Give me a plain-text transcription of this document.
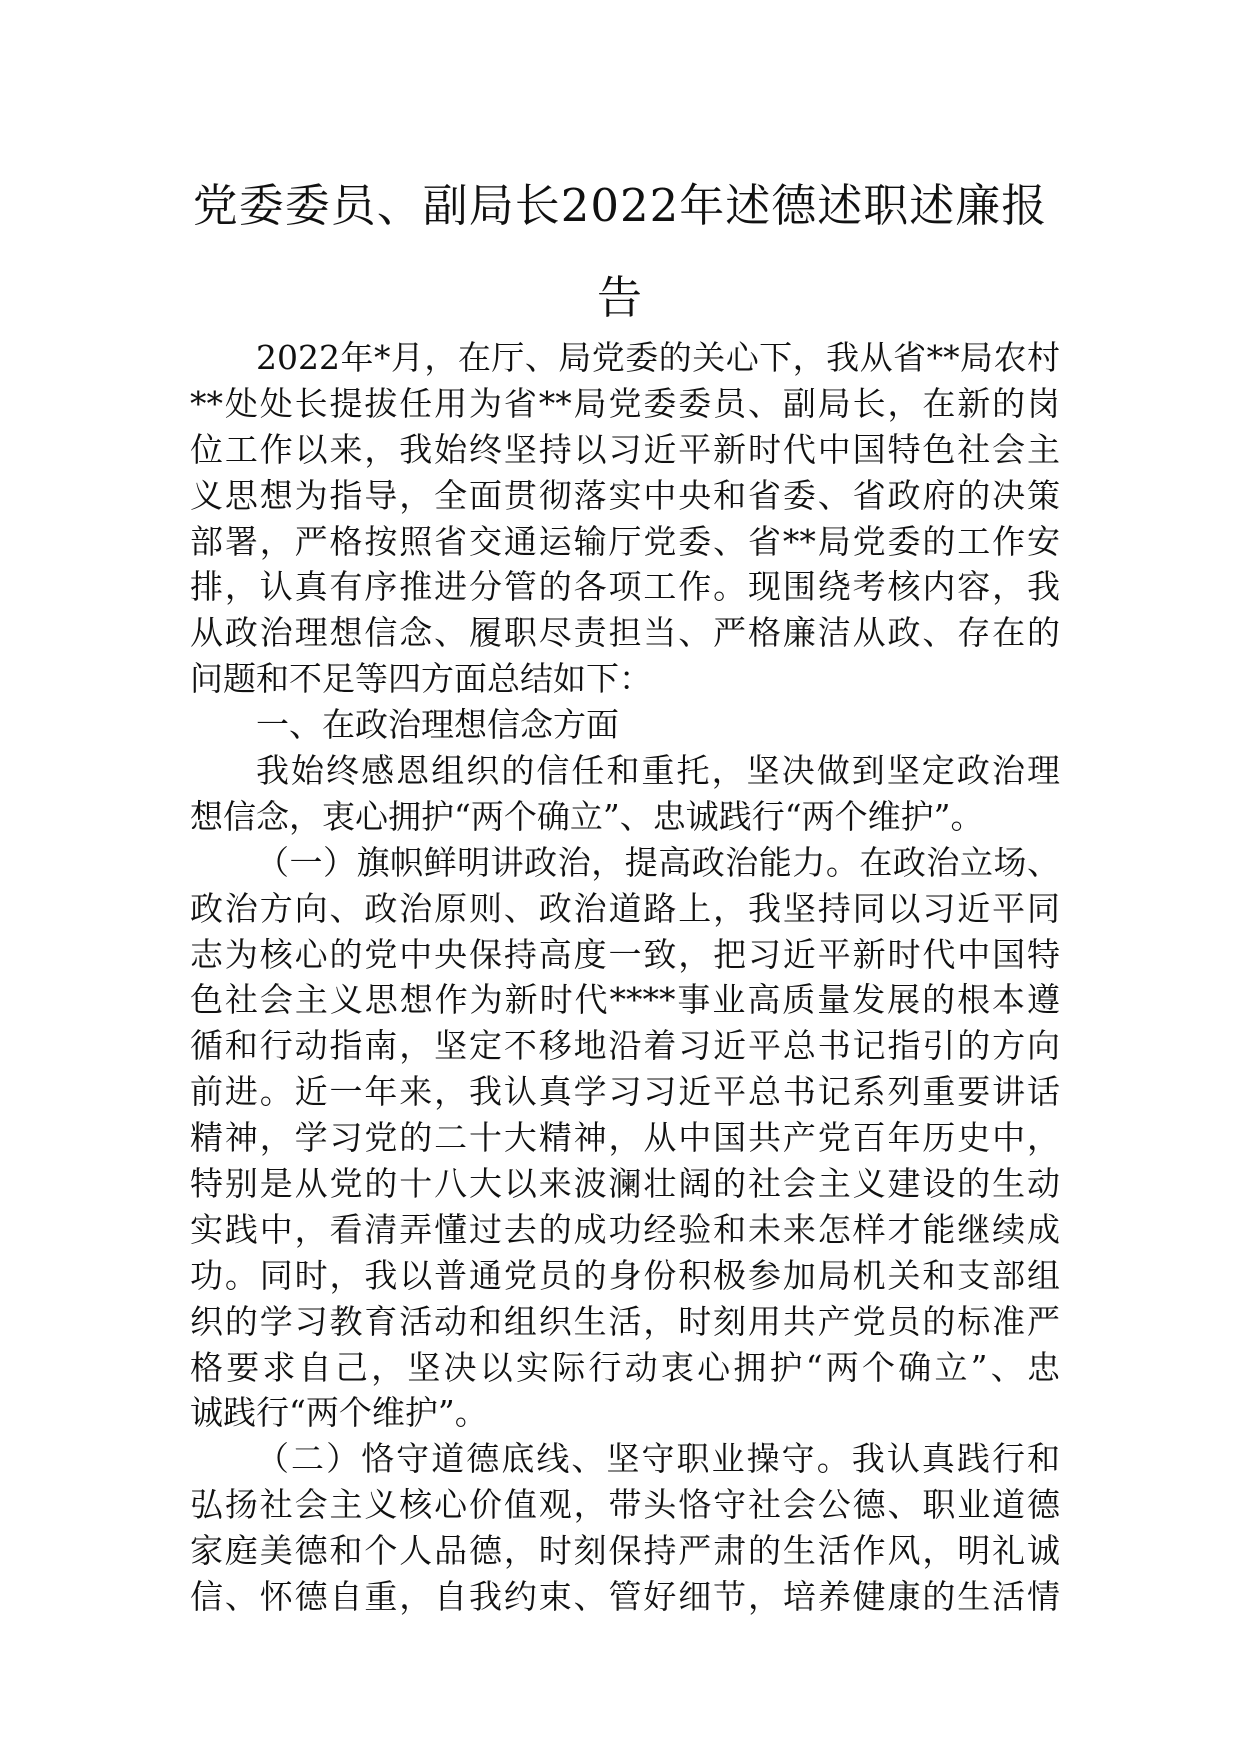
党委委员、副局长2022年述德述职述廉报
告
2022年*月，在厅、局党委的关心下，我从省**局农村
**处处长提拔任用为省**局党委委员、副局长，在新的岗
位工作以来，我始终坚持以习近平新时代中国特色社会主
义思想为指导，全面贯彻落实中央和省委、省政府的决策
部署，严格按照省交通运输厅党委、省**局党委的工作安
排，认真有序推进分管的各项工作。现围绕考核内容，我
从政治理想信念、履职尽责担当、严格廉洁从政、存在的
问题和不足等四方面总结如下：
一、在政治理想信念方面
我始终感恩组织的信任和重托，坚决做到坚定政治理
想信念，衷心拥护“两个确立”、忠诚践行“两个维护”。
（一）旗帜鲜明讲政治，提高政治能力。在政治立场、
政治方向、政治原则、政治道路上，我坚持同以习近平同
志为核心的党中央保持高度一致，把习近平新时代中国特
色社会主义思想作为新时代****事业高质量发展的根本遵
循和行动指南，坚定不移地沿着习近平总书记指引的方向
前进。近一年来，我认真学习习近平总书记系列重要讲话
精神，学习党的二十大精神，从中国共产党百年历史中，
特别是从党的十八大以来波澜壮阔的社会主义建设的生动
实践中，看清弄懂过去的成功经验和未来怎样才能继续成
功。同时，我以普通党员的身份积极参加局机关和支部组
织的学习教育活动和组织生活，时刻用共产党员的标准严
格要求自己，坚决以实际行动衷心拥护“两个确立”、忠
诚践行“两个维护”。
（二）恪守道德底线、坚守职业操守。我认真践行和
弘扬社会主义核心价值观，带头恪守社会公德、职业道德
家庭美德和个人品德，时刻保持严肃的生活作风，明礼诚
信、怀德自重，自我约束、管好细节，培养健康的生活情
